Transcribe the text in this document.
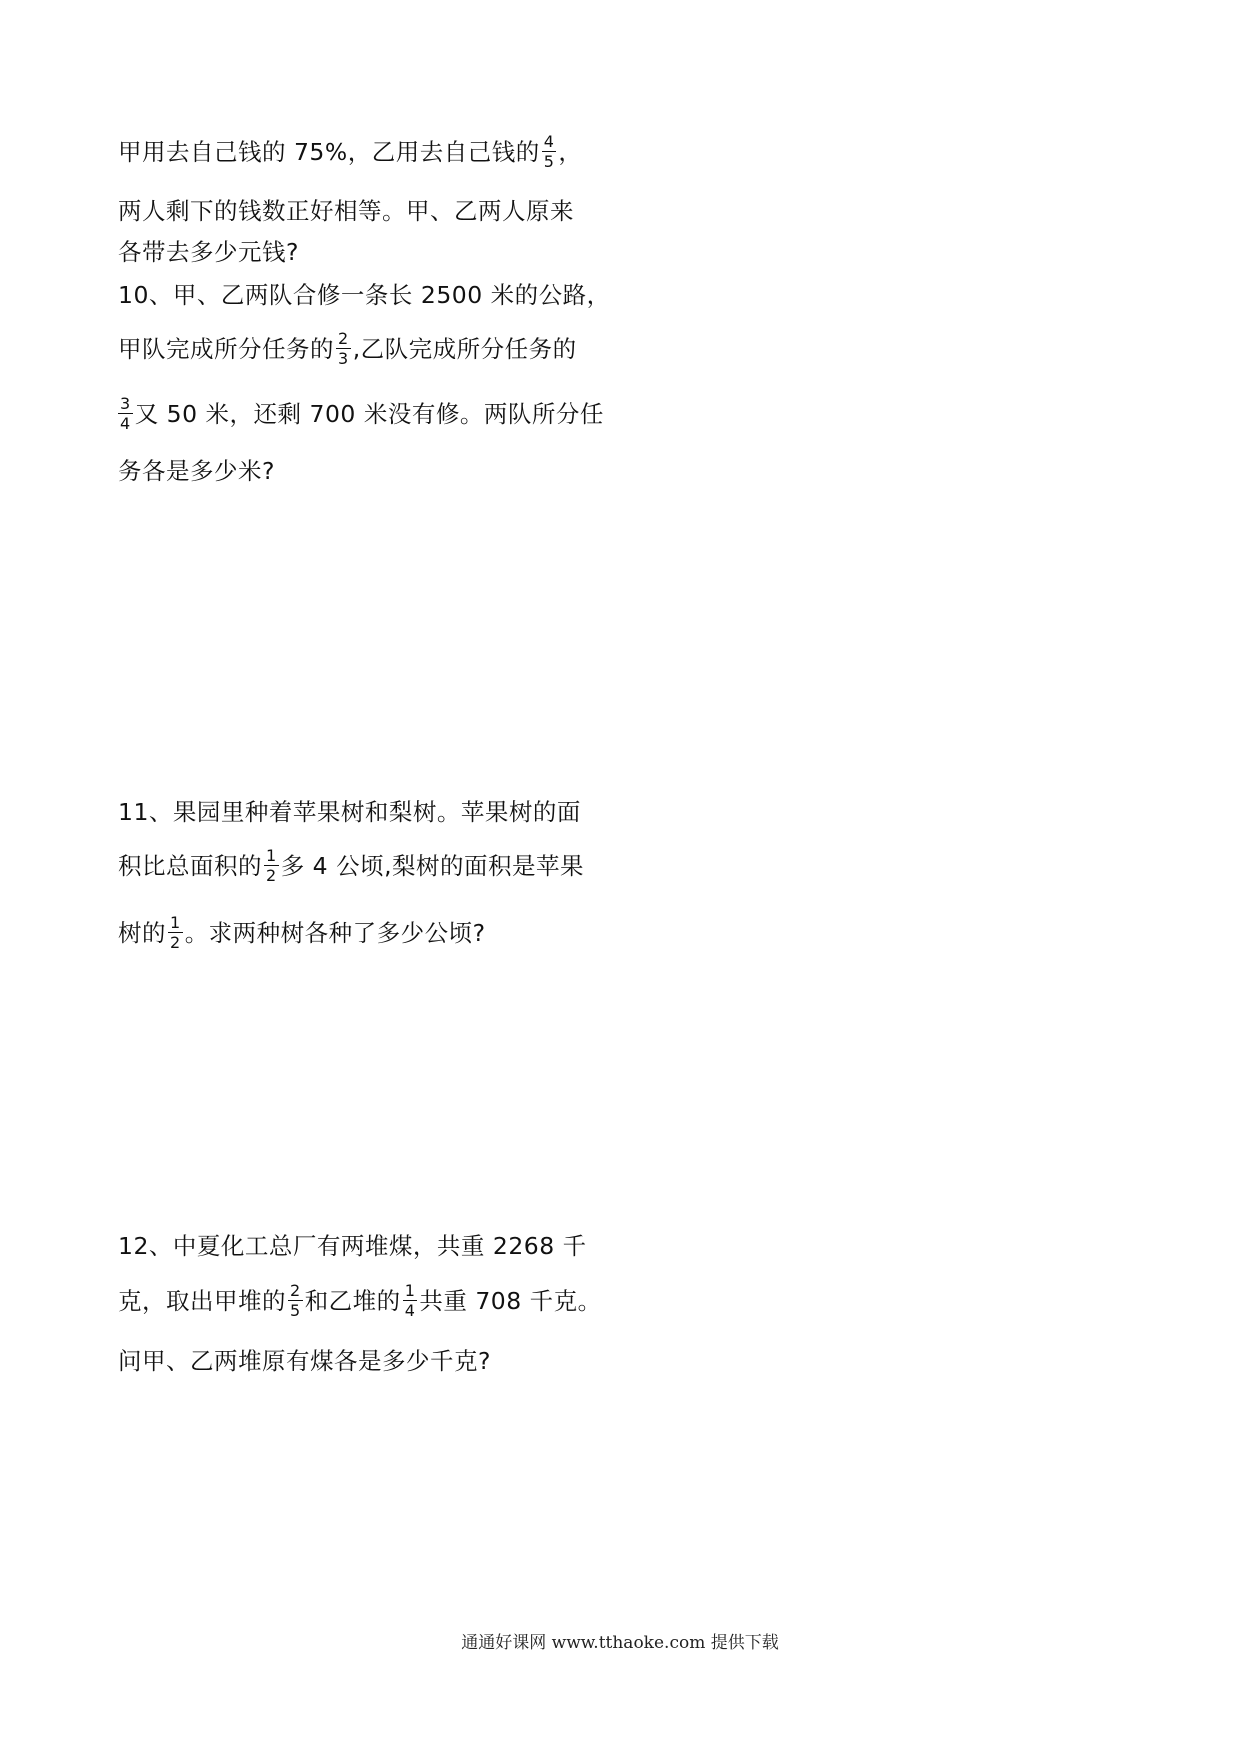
甲用去自己钱的 75%，乙用去自己钱的 $\frac{4}{5}$ ，
两人剩下的钱数正好相等。甲、乙两人原来
各带去多少元钱?
10、甲、乙两队合修一条长 2500 米的公路，
甲队完成所分任务的 $\frac{2}{3}$ ,乙队完成所分任务的
$\frac{3}{4}$ 又 50 米，还剩 700 米没有修。两队所分任
务各是多少米?
11、果园里种着苹果树和梨树。苹果树的面
积比总面积的 $\frac{1}{2}$ 多 4 公顷,梨树的面积是苹果
树的 $\frac{1}{2}$ 。求两种树各种了多少公顷?
12、中夏化工总厂有两堆煤，共重 2268 千
克，取出甲堆的 $\frac{2}{5}$ 和乙堆的 $\frac{1}{4}$ 共重 708 千克。
问甲、乙两堆原有煤各是多少千克?
通通好课网 www.tthaoke.com 提供下载
